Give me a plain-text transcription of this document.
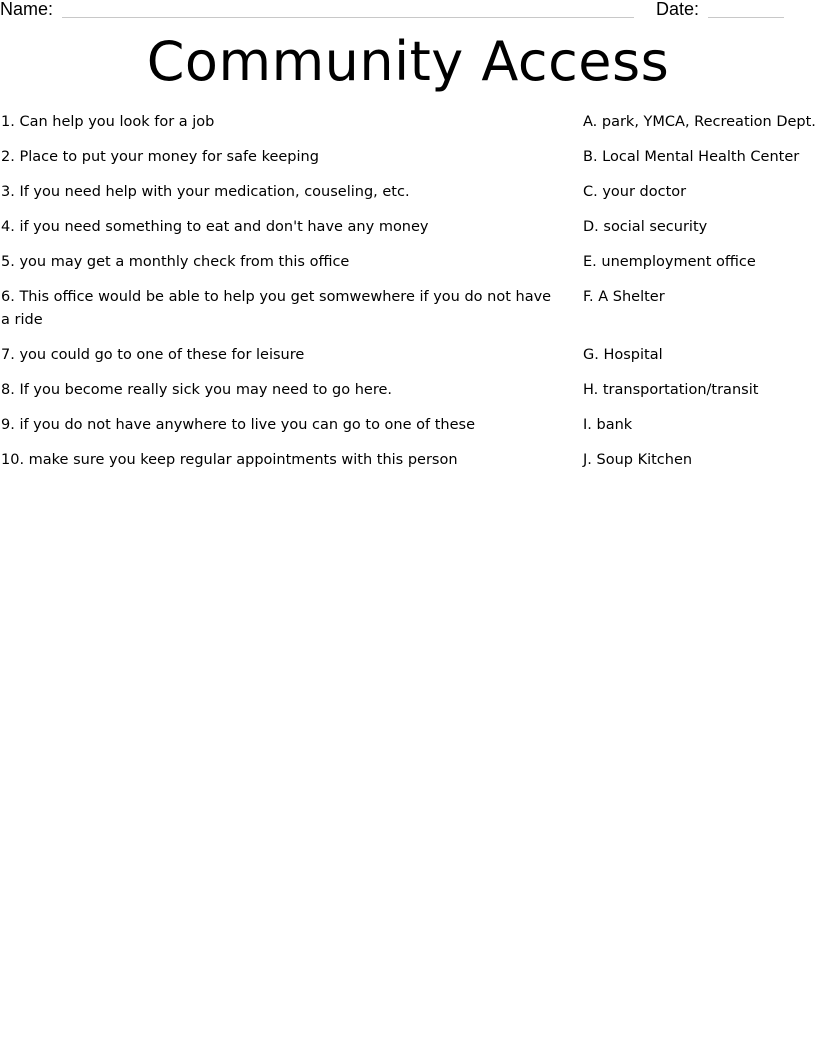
Name:	Date:
Community Access
1. Can help you look for a job	A. park, YMCA, Recreation Dept.
2. Place to put your money for safe keeping	B. Local Mental Health Center
3. If you need help with your medication, couseling, etc.	C. your doctor
4. if you need something to eat and don't have any money	D. social security
5. you may get a monthly check from this office	E. unemployment office
6. This office would be able to help you get somwewhere if you do not have a ride
F. A Shelter
7. you could go to one of these for leisure	G. Hospital
8. If you become really sick you may need to go here.	H. transportation/transit
9. if you do not have anywhere to live you can go to one of these	I. bank
10. make sure you keep regular appointments with this person	J. Soup Kitchen
